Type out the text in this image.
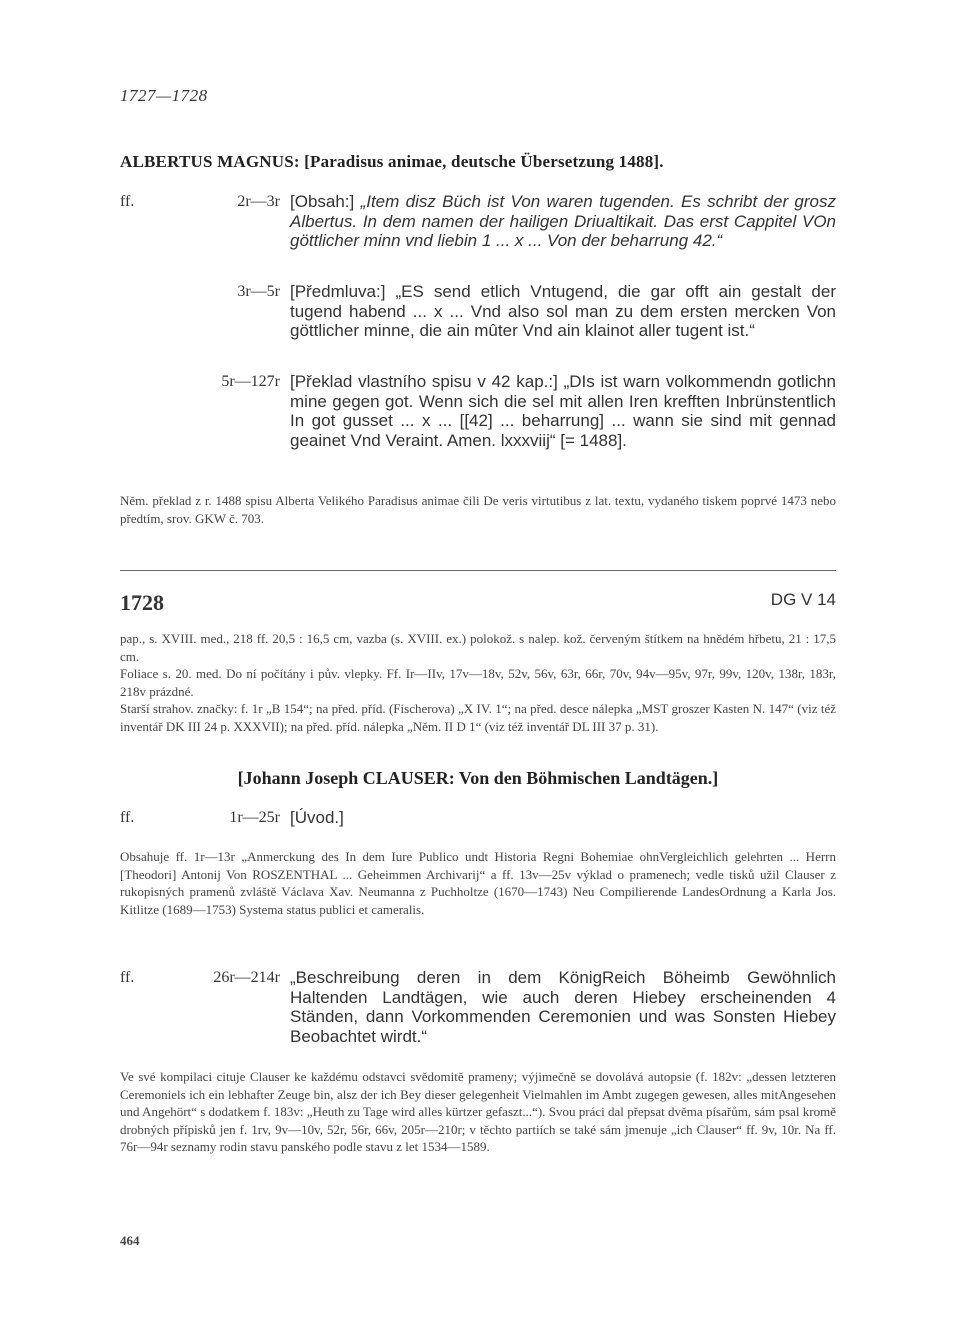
1727—1728
ALBERTUS MAGNUS: [Paradisus animae, deutsche Übersetzung 1488].
ff.	2r—3r [Obsah:] „Item disz Büch ist Von waren tugenden. Es schribt der grosz Albertus. In dem namen der hailigen Driualtikait. Das erst Cappitel VOn göttlicher minn vnd liebin 1 ... x ... Von der beharrung 42.“
3r—5r [Předmluva:] „ES send etlich Vntugend, die gar offt ain gestalt der tugend habend ... x ... Vnd also sol man zu dem ersten mercken Von göttlicher minne, die ain mûter Vnd ain klainot aller tugent ist.“
5r—127r [Překlad vlastního spisu v 42 kap.:] „DIs ist warn volkommendn gotlichn mine gegen got. Wenn sich die sel mit allen Iren krefften Inbrünstentlich In got gusset ... x ... [[42] ... beharrung] ... wann sie sind mit gennad geainet Vnd Veraint. Amen. lxxxviij“ [= 1488].
Něm. překlad z r. 1488 spisu Alberta Velikého Paradisus animae čili De veris virtutibus z lat. textu, vydaného tiskem poprvé 1473 nebo předtím, srov. GKW č. 703.
1728	DG V 14
pap., s. XVIII. med., 218 ff. 20,5 : 16,5 cm, vazba (s. XVIII. ex.) polokož. s nalep. kož. červeným štítkem na hnědém hřbetu, 21 : 17,5 cm.
Foliace s. 20. med. Do ní počítány i pův. vlepky. Ff. Ir—IIv, 17v—18v, 52v, 56v, 63r, 66r, 70v, 94v—95v, 97r, 99v, 120v, 138r, 183r, 218v prázdné.
Starší strahov. značky: f. 1r „B 154“; na před. příd. (Fischerova) „X IV. 1“; na před. desce nálepka „MST groszer Kasten N. 147“ (viz též inventář DK III 24 p. XXXVII); na před. příd. nálepka „Něm. II D 1“ (viz též inventář DL III 37 p. 31).
[Johann Joseph CLAUSER: Von den Böhmischen Landtägen.]
ff.	1r—25r [Úvod.]
Obsahuje ff. 1r—13r „Anmerckung des In dem Iure Publico undt Historia Regni Bohemiae ohnVergleichlich gelehrten ... Herrn [Theodori] Antonij Von ROSZENTHAL ... Geheimmen Archivarij“ a ff. 13v—25v výklad o pramenech; vedle tisků užil Clauser z rukopisných pramenů zvláště Václava Xav. Neumanna z Puchholtze (1670—1743) Neu Compilierende LandesOrdnung a Karla Jos. Kitlitze (1689—1753) Systema status publici et cameralis.
ff.	26r—214r „Beschreibung deren in dem KönigReich Böheimb Gewöhnlich Haltenden Landtägen, wie auch deren Hiebey erscheinenden 4 Ständen, dann Vorkommenden Ceremonien und was Sonsten Hiebey Beobachtet wirdt.“
Ve své kompilaci cituje Clauser ke každému odstavci svědomitě prameny; výjimečně se dovolává autopsie (f. 182v: „dessen letzteren Ceremoniels ich ein lebhafter Zeuge bin, alsz der ich Bey dieser gelegenheit Vielmahlen im Ambt zugegen gewesen, alles mitAngesehen und Angehört“ s dodatkem f. 183v: „Heuth zu Tage wird alles kürtzer gefaszt...“). Svou práci dal přepsat dvěma písařům, sám psal kromě drobných přípisků jen f. 1rv, 9v—10v, 52r, 56r, 66v, 205r—210r; v těchto partiích se také sám jmenuje „ich Clauser“ ff. 9v, 10r. Na ff. 76r—94r seznamy rodin stavu panského podle stavu z let 1534—1589.
464
